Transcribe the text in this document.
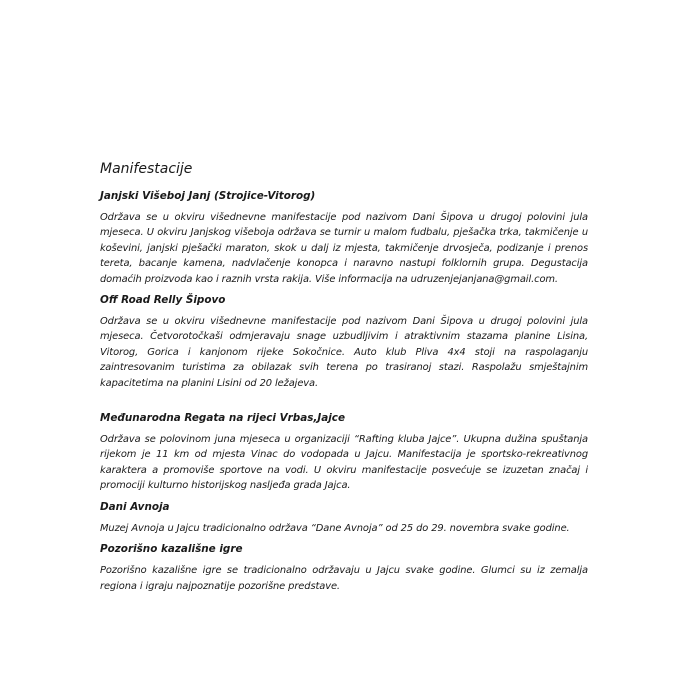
Manifestacije
Janjski Višeboj Janj (Strojice-Vitorog)

Održava se u okviru višednevne manifestacije pod nazivom Dani Šipova u drugoj polovini jula mjeseca. U okviru Janjskog višeboja održava se turnir u malom fudbalu, pješačka trka, takmičenje u koševini, janjski pješački maraton, skok u dalj iz mjesta, takmičenje drvosječa, podizanje i prenos tereta, bacanje kamena, nadvlačenje konopca i naravno nastupi folklornih grupa. Degustacija domaćih proizvoda kao i raznih vrsta rakija. Više informacija na udruzenjejanjana@gmail.com.

Off Road Relly Šipovo

Održava se u okviru višednevne manifestacije pod nazivom Dani Šipova u drugoj polovini jula mjeseca. Četvorotočkaši odmjeravaju snage uzbudljivim i atraktivnim stazama planine Lisina, Vitorog, Gorica i kanjonom rijeke Sokočnice. Auto klub Pliva 4x4 stoji na raspolaganju zaintresovanim turistima za obilazak svih terena po trasiranoj stazi. Raspolažu smještajnim kapacitetima na planini Lisini od 20 ležajeva.

Međunarodna Regata na rijeci Vrbas,Jajce

Održava se polovinom juna mjeseca u organizaciji “Rafting kluba Jajce”. Ukupna dužina spuštanja rijekom je 11 km od mjesta Vinac do vodopada u Jajcu. Manifestacija je sportsko-rekreativnog karaktera a promoviše sportove na vodi. U okviru manifestacije posvećuje se izuzetan značaj i promociji kulturno historijskog nasljeđa grada Jajca.

Dani Avnoja

Muzej Avnoja u Jajcu tradicionalno održava “Dane Avnoja” od 25 do 29. novembra svake godine.

Pozorišno kazališne igre

Pozorišno kazališne igre se tradicionalno održavaju u Jajcu svake godine. Glumci su iz zemalja regiona i igraju najpoznatije pozorišne predstave.
